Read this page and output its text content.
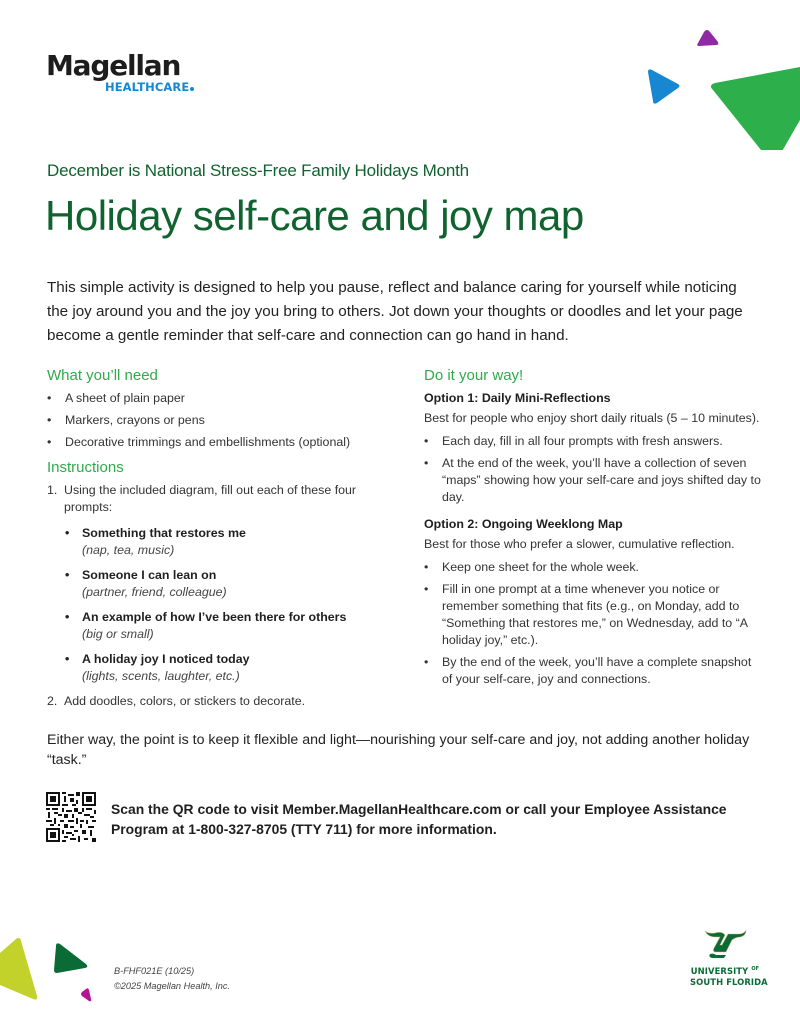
Magellan
HEALTHCARE
December is National Stress-Free Family Holidays Month
Holiday self-care and joy map

This simple activity is designed to help you pause, reflect and balance caring for yourself while noticing the joy around you and the joy you bring to others. Jot down your thoughts or doodles and let your page become a gentle reminder that self-care and connection can go hand in hand.

What you’ll need
• A sheet of plain paper
• Markers, crayons or pens
• Decorative trimmings and embellishments (optional)
Instructions
1. Using the included diagram, fill out each of these four prompts:
• Something that restores me
(nap, tea, music)
• Someone I can lean on
(partner, friend, colleague)
• An example of how I’ve been there for others
(big or small)
• A holiday joy I noticed today
(lights, scents, laughter, etc.)
2. Add doodles, colors, or stickers to decorate.
Do it your way!
Option 1: Daily Mini-Reflections
Best for people who enjoy short daily rituals (5 – 10 minutes).
• Each day, fill in all four prompts with fresh answers.
• At the end of the week, you’ll have a collection of seven “maps” showing how your self-care and joys shifted day to day.
Option 2: Ongoing Weeklong Map
Best for those who prefer a slower, cumulative reflection.
• Keep one sheet for the whole week.
• Fill in one prompt at a time whenever you notice or remember something that fits (e.g., on Monday, add to “Something that restores me,” on Wednesday, add to “A holiday joy,” etc.).
• By the end of the week, you’ll have a complete snapshot of your self-care, joy and connections.

Either way, the point is to keep it flexible and light—nourishing your self-care and joy, not adding another holiday “task.”

Scan the QR code to visit Member.MagellanHealthcare.com or call your Employee Assistance Program at 1-800-327-8705 (TTY 711) for more information.

B-FHF021E (10/25)
©2025 Magellan Health, Inc.
UNIVERSITY $^{OF}$
SOUTH FLORIDA
